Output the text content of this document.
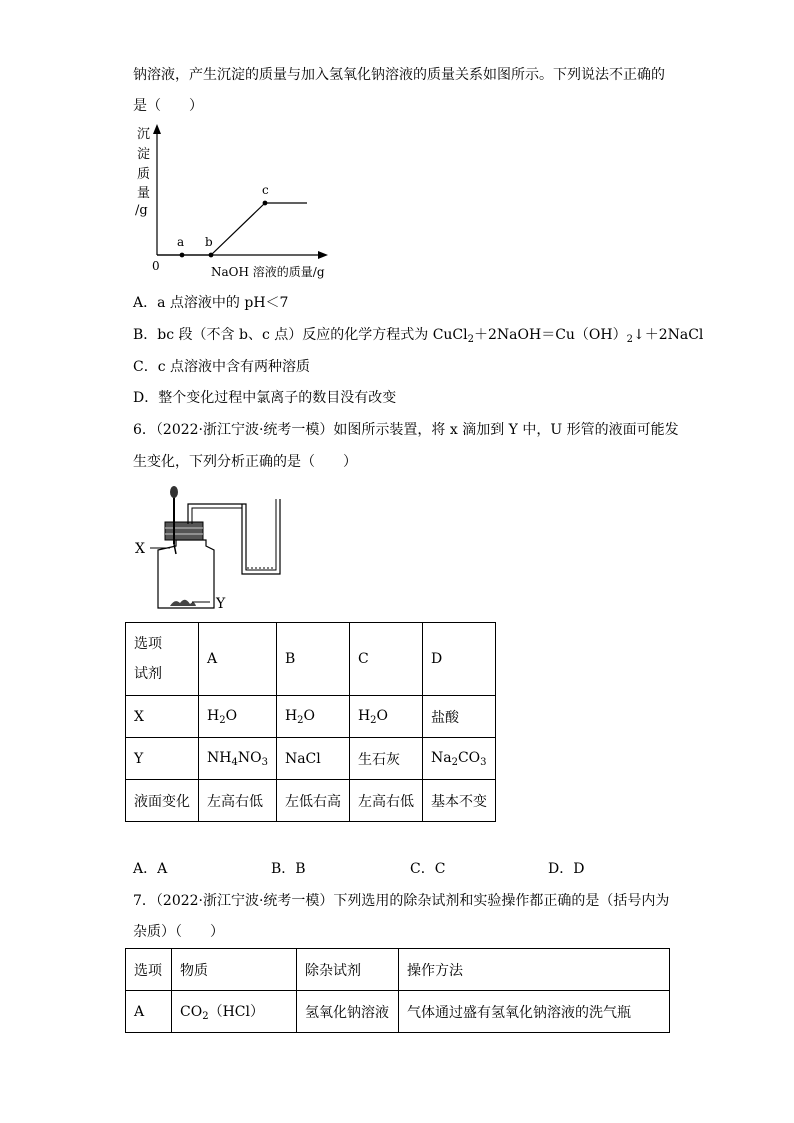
钠溶液，产生沉淀的质量与加入氢氧化钠溶液的质量关系如图所示。下列说法不正确的
是（　　）
沉
淀
质
量
/g
0
a b
c
NaOH 溶液的质量/g
A．a 点溶液中的 pH＜7
B．bc 段（不含 b、c 点）反应的化学方程式为 $CuCl_2+2NaOH=Cu(OH)_2↓+2NaCl$
C．c 点溶液中含有两种溶质
D．整个变化过程中氯离子的数目没有改变
6．（2022·浙江宁波·统考一模）如图所示装置，将 x 滴加到 Y 中，U 形管的液面可能发
生变化，下列分析正确的是（　　）
X
Y
选项
试剂	A	B	C	D
X	$H_2O$	$H_2O$	$H_2O$	盐酸
Y	$NH_4NO_3$	NaCl	生石灰	$Na_2CO_3$
液面变化	左高右低	左低右高	左高右低	基本不变
A．A	B．B	C．C	D．D
7．（2022·浙江宁波·统考一模）下列选用的除杂试剂和实验操作都正确的是（括号内为
杂质）（　　）
选项	物质	除杂试剂	操作方法
A	$CO_2(HCl)$	氢氧化钠溶液	气体通过盛有氢氧化钠溶液的洗气瓶
